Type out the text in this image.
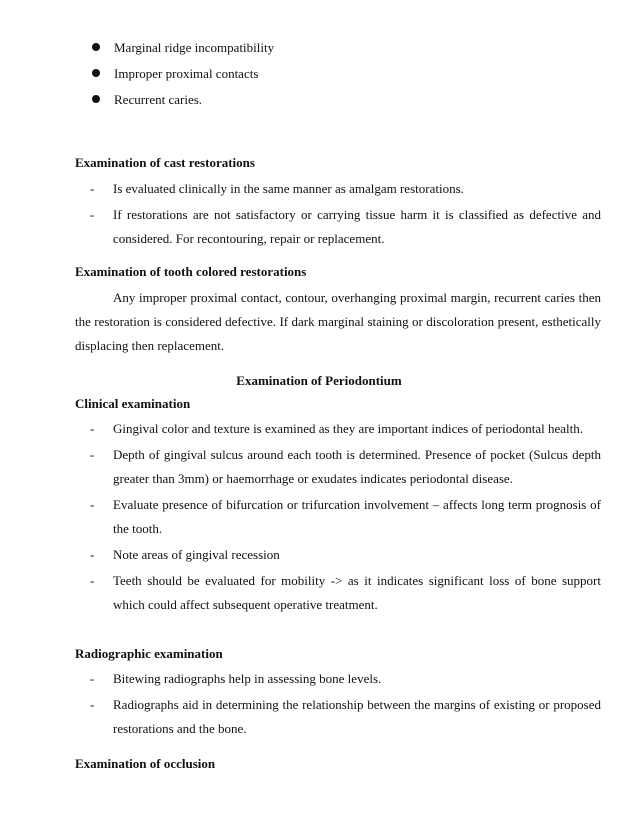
Marginal ridge incompatibility
Improper proximal contacts
Recurrent caries.
Examination of cast restorations
- Is evaluated clinically in the same manner as amalgam restorations.
- If restorations are not satisfactory or carrying tissue harm it is classified as defective and considered. For recontouring, repair or replacement.
Examination of tooth colored restorations

Any improper proximal contact, contour, overhanging proximal margin, recurrent caries then the restoration is considered defective. If dark marginal staining or discoloration present, esthetically displacing then replacement.

Examination of Periodontium
Clinical examination
- Gingival color and texture is examined as they are important indices of periodontal health.
- Depth of gingival sulcus around each tooth is determined. Presence of pocket (Sulcus depth greater than 3mm) or haemorrhage or exudates indicates periodontal disease.
- Evaluate presence of bifurcation or trifurcation involvement – affects long term prognosis of the tooth.
- Note areas of gingival recession
- Teeth should be evaluated for mobility -> as it indicates significant loss of bone support which could affect subsequent operative treatment.
Radiographic examination
- Bitewing radiographs help in assessing bone levels.
- Radiographs aid in determining the relationship between the margins of existing or proposed restorations and the bone.
Examination of occlusion
